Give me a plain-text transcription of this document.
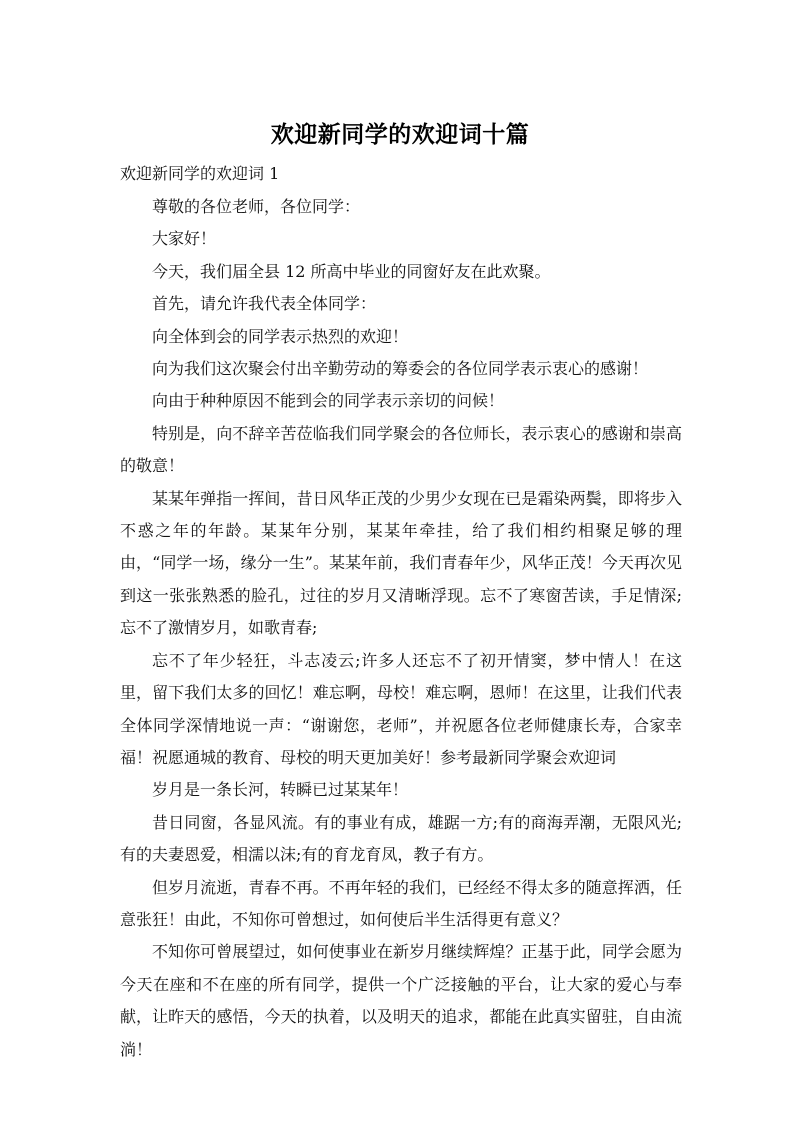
欢迎新同学的欢迎词十篇
欢迎新同学的欢迎词 1

尊敬的各位老师，各位同学：

大家好！

今天，我们届全县 12 所高中毕业的同窗好友在此欢聚。

首先，请允许我代表全体同学：

向全体到会的同学表示热烈的欢迎！

向为我们这次聚会付出辛勤劳动的筹委会的各位同学表示衷心的感谢！

向由于种种原因不能到会的同学表示亲切的问候！

特别是，向不辞辛苦莅临我们同学聚会的各位师长，表示衷心的感谢和崇高的敬意！

某某年弹指一挥间，昔日风华正茂的少男少女现在已是霜染两鬓，即将步入不惑之年的年龄。某某年分别，某某年牵挂，给了我们相约相聚足够的理由，“同学一场，缘分一生”。某某年前，我们青春年少，风华正茂！今天再次见到这一张张熟悉的脸孔，过往的岁月又清晰浮现。忘不了寒窗苦读，手足情深;忘不了激情岁月，如歌青春;

忘不了年少轻狂，斗志凌云;许多人还忘不了初开情窦，梦中情人！在这里，留下我们太多的回忆！难忘啊，母校！难忘啊，恩师！在这里，让我们代表全体同学深情地说一声：“谢谢您，老师”，并祝愿各位老师健康长寿，合家幸福！祝愿通城的教育、母校的明天更加美好！参考最新同学聚会欢迎词

岁月是一条长河，转瞬已过某某年！

昔日同窗，各显风流。有的事业有成，雄踞一方;有的商海弄潮，无限风光;有的夫妻恩爱，相濡以沫;有的育龙育凤，教子有方。

但岁月流逝，青春不再。不再年轻的我们，已经经不得太多的随意挥洒，任意张狂！由此，不知你可曾想过，如何使后半生活得更有意义？

不知你可曾展望过，如何使事业在新岁月继续辉煌？正基于此，同学会愿为今天在座和不在座的所有同学，提供一个广泛接触的平台，让大家的爱心与奉献，让昨天的感悟，今天的执着，以及明天的追求，都能在此真实留驻，自由流淌！
